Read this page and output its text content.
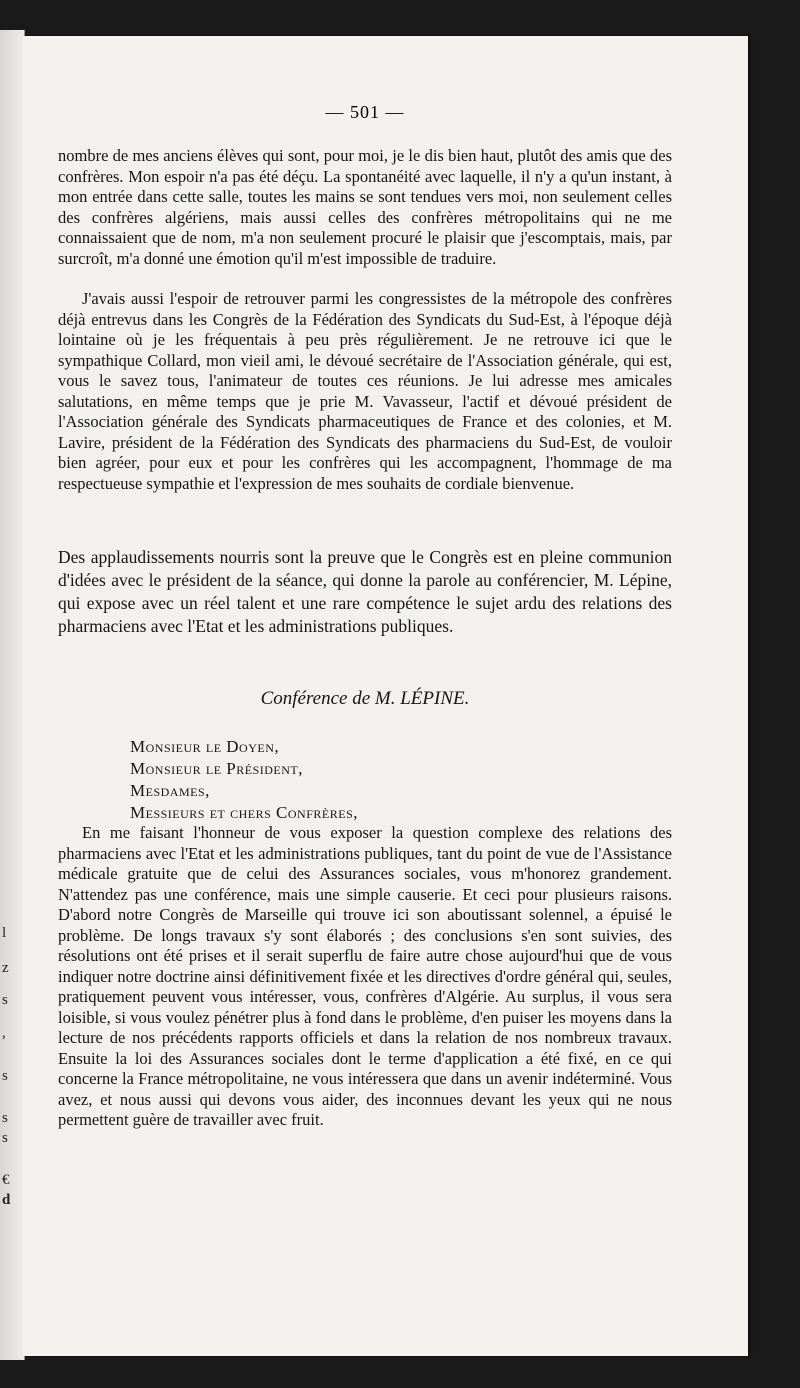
l
z
s
,
s
s
s
€
d
— 501 —

nombre de mes anciens élèves qui sont, pour moi, je le dis bien haut, plutôt des amis que des confrères. Mon espoir n'a pas été déçu. La spontanéité avec laquelle, il n'y a qu'un instant, à mon entrée dans cette salle, toutes les mains se sont tendues vers moi, non seulement celles des confrères algériens, mais aussi celles des confrères métropolitains qui ne me connaissaient que de nom, m'a non seulement procuré le plaisir que j'escomptais, mais, par surcroît, m'a donné une émotion qu'il m'est impossible de traduire.

J'avais aussi l'espoir de retrouver parmi les congressistes de la métropole des confrères déjà entrevus dans les Congrès de la Fédération des Syndicats du Sud-Est, à l'époque déjà lointaine où je les fréquentais à peu près régulièrement. Je ne retrouve ici que le sympathique Collard, mon vieil ami, le dévoué secrétaire de l'Association générale, qui est, vous le savez tous, l'animateur de toutes ces réunions. Je lui adresse mes amicales salutations, en même temps que je prie M. Vavasseur, l'actif et dévoué président de l'Association générale des Syndicats pharmaceutiques de France et des colonies, et M. Lavire, président de la Fédération des Syndicats des pharmaciens du Sud-Est, de vouloir bien agréer, pour eux et pour les confrères qui les accompagnent, l'hommage de ma respectueuse sympathie et l'expression de mes souhaits de cordiale bienvenue.

Des applaudissements nourris sont la preuve que le Congrès est en pleine communion d'idées avec le président de la séance, qui donne la parole au conférencier, M. Lépine, qui expose avec un réel talent et une rare compétence le sujet ardu des relations des pharmaciens avec l'Etat et les administrations publiques.

Conférence de M. LÉPINE.

Monsieur le Doyen,
Monsieur le Président,
Mesdames,
Messieurs et chers Confrères,

En me faisant l'honneur de vous exposer la question complexe des relations des pharmaciens avec l'Etat et les administrations publiques, tant du point de vue de l'Assistance médicale gratuite que de celui des Assurances sociales, vous m'honorez grandement. N'attendez pas une conférence, mais une simple causerie. Et ceci pour plusieurs raisons. D'abord notre Congrès de Marseille qui trouve ici son aboutissant solennel, a épuisé le problème. De longs travaux s'y sont élaborés ; des conclusions s'en sont suivies, des résolutions ont été prises et il serait superflu de faire autre chose aujourd'hui que de vous indiquer notre doctrine ainsi définitivement fixée et les directives d'ordre général qui, seules, pratiquement peuvent vous intéresser, vous, confrères d'Algérie. Au surplus, il vous sera loisible, si vous voulez pénétrer plus à fond dans le problème, d'en puiser les moyens dans la lecture de nos précédents rapports officiels et dans la relation de nos nombreux travaux. Ensuite la loi des Assurances sociales dont le terme d'application a été fixé, en ce qui concerne la France métropolitaine, ne vous intéressera que dans un avenir indéterminé. Vous avez, et nous aussi qui devons vous aider, des inconnues devant les yeux qui ne nous permettent guère de travailler avec fruit.
